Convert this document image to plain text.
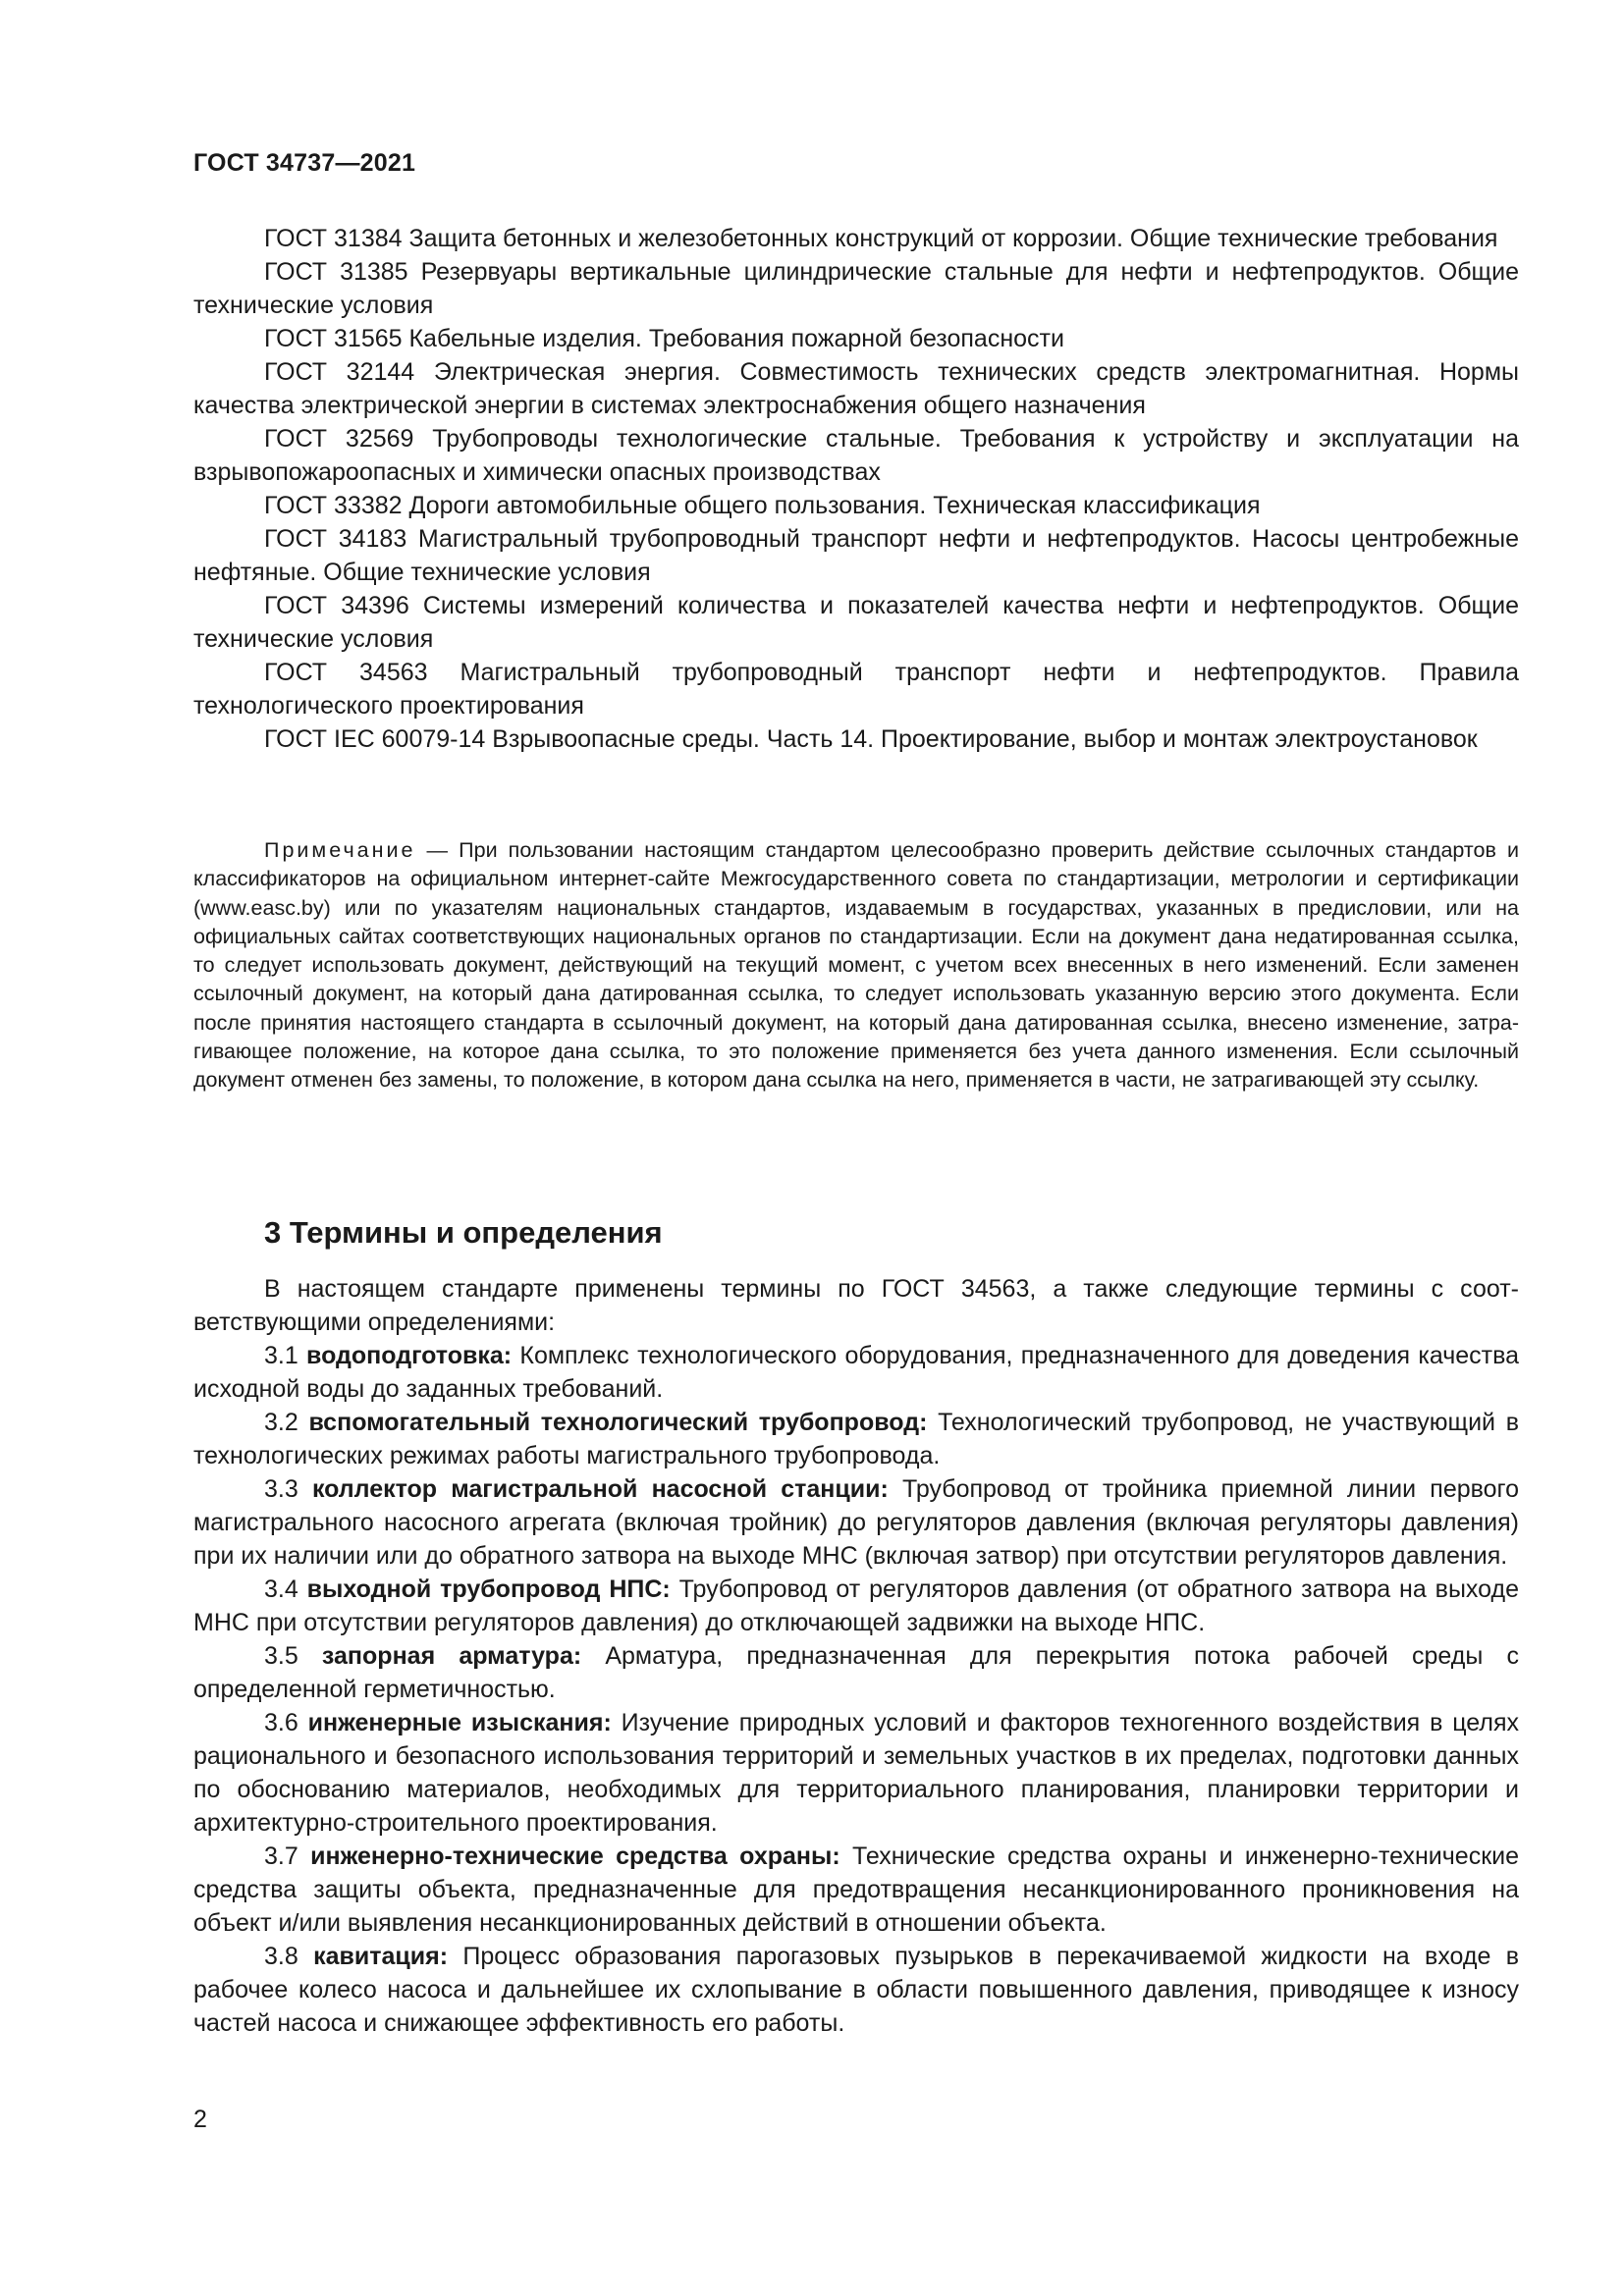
ГОСТ 34737—2021

ГОСТ 31384 Защита бетонных и железобетонных конструкций от коррозии. Общие технические требования

ГОСТ 31385 Резервуары вертикальные цилиндрические стальные для нефти и нефтепродуктов. Общие технические условия

ГОСТ 31565 Кабельные изделия. Требования пожарной безопасности

ГОСТ 32144 Электрическая энергия. Совместимость технических средств электромагнитная. Нормы качества электрической энергии в системах электроснабжения общего назначения

ГОСТ 32569 Трубопроводы технологические стальные. Требования к устройству и эксплуатации на взрывопожароопасных и химически опасных производствах

ГОСТ 33382 Дороги автомобильные общего пользования. Техническая классификация

ГОСТ 34183 Магистральный трубопроводный транспорт нефти и нефтепродуктов. Насосы центробежные нефтяные. Общие технические условия

ГОСТ 34396 Системы измерений количества и показателей качества нефти и нефтепродуктов. Общие технические условия

ГОСТ 34563 Магистральный трубопроводный транспорт нефти и нефтепродуктов. Правила технологического проектирования

ГОСТ IEC 60079-14 Взрывоопасные среды. Часть 14. Проектирование, выбор и монтаж электроустановок

Примечание — При пользовании настоящим стандартом целесообразно проверить действие ссылочных стандартов и классификаторов на официальном интернет-сайте Межгосударственного совета по стандартизации, метрологии и сертификации (www.easc.by) или по указателям национальных стандартов, издаваемым в государствах, указанных в предисловии, или на официальных сайтах соответствующих национальных органов по стандартизации. Если на документ дана недатированная ссылка, то следует использовать документ, действующий на текущий момент, с учетом всех внесенных в него изменений. Если заменен ссылочный документ, на который дана датированная ссылка, то следует использовать указанную версию этого документа. Если после принятия настоящего стандарта в ссылочный документ, на который дана датированная ссылка, внесено изменение, затрагивающее положение, на которое дана ссылка, то это положение применяется без учета данного изменения. Если ссылочный документ отменен без замены, то положение, в котором дана ссылка на него, применяется в части, не затрагивающей эту ссылку.

3 Термины и определения

В настоящем стандарте применены термины по ГОСТ 34563, а также следующие термины с соответствующими определениями:

3.1 водоподготовка: Комплекс технологического оборудования, предназначенного для доведения качества исходной воды до заданных требований.

3.2 вспомогательный технологический трубопровод: Технологический трубопровод, не участвующий в технологических режимах работы магистрального трубопровода.

3.3 коллектор магистральной насосной станции: Трубопровод от тройника приемной линии первого магистрального насосного агрегата (включая тройник) до регуляторов давления (включая регуляторы давления) при их наличии или до обратного затвора на выходе МНС (включая затвор) при отсутствии регуляторов давления.

3.4 выходной трубопровод НПС: Трубопровод от регуляторов давления (от обратного затвора на выходе МНС при отсутствии регуляторов давления) до отключающей задвижки на выходе НПС.

3.5 запорная арматура: Арматура, предназначенная для перекрытия потока рабочей среды с определенной герметичностью.

3.6 инженерные изыскания: Изучение природных условий и факторов техногенного воздействия в целях рационального и безопасного использования территорий и земельных участков в их пределах, подготовки данных по обоснованию материалов, необходимых для территориального планирования, планировки территории и архитектурно-строительного проектирования.

3.7 инженерно-технические средства охраны: Технические средства охраны и инженерно-технические средства защиты объекта, предназначенные для предотвращения несанкционированного проникновения на объект и/или выявления несанкционированных действий в отношении объекта.

3.8 кавитация: Процесс образования парогазовых пузырьков в перекачиваемой жидкости на входе в рабочее колесо насоса и дальнейшее их схлопывание в области повышенного давления, приводящее к износу частей насоса и снижающее эффективность его работы.

2
